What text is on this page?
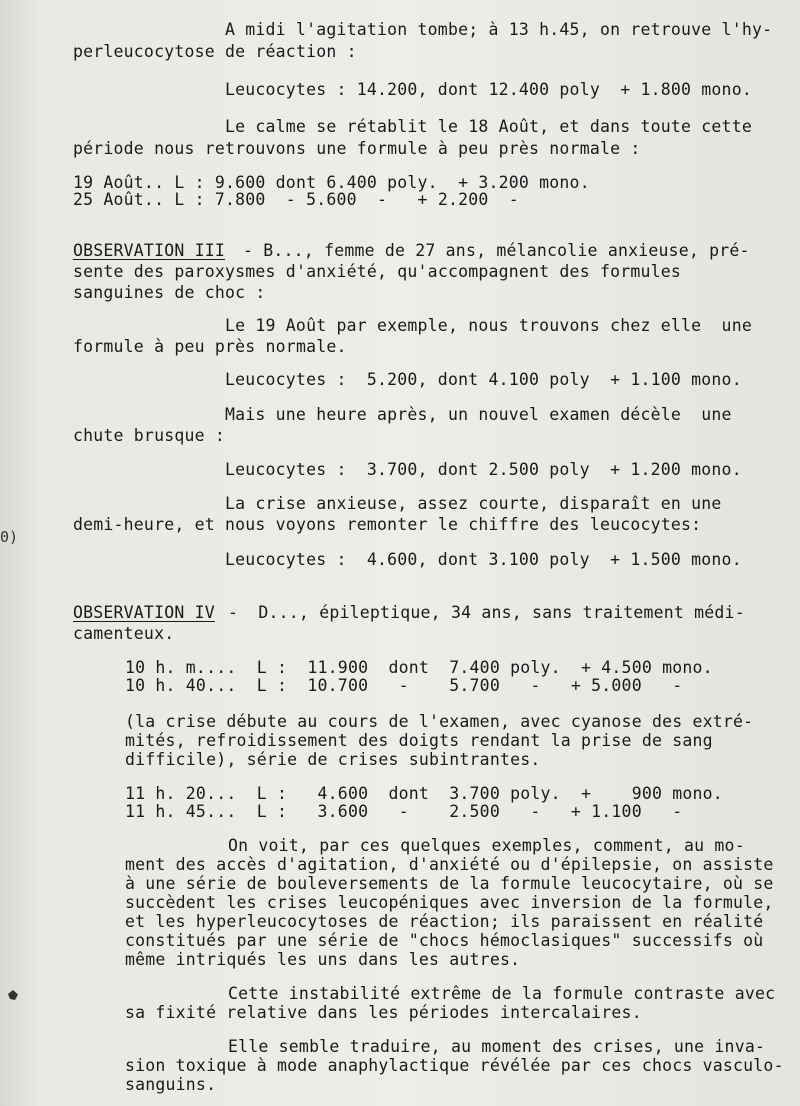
A midi l'agitation tombe; à 13 h.45, on retrouve l'hy-
perleucocytose de réaction :
Leucocytes : 14.200, dont 12.400 poly  + 1.800 mono.
Le calme se rétablit le 18 Août, et dans toute cette
période nous retrouvons une formule à peu près normale :
19 Août.. L : 9.600 dont 6.400 poly.  + 3.200 mono.
25 Août.. L : 7.800  - 5.600  -   + 2.200  -
OBSERVATION III - B..., femme de 27 ans, mélancolie anxieuse, pré-
sente des paroxysmes d'anxiété, qu'accompagnent des formules
sanguines de choc :
Le 19 Août par exemple, nous trouvons chez elle  une
formule à peu près normale.
Leucocytes :  5.200, dont 4.100 poly  + 1.100 mono.
Mais une heure après, un nouvel examen décèle  une
chute brusque :
Leucocytes :  3.700, dont 2.500 poly  + 1.200 mono.
La crise anxieuse, assez courte, disparaît en une
demi-heure, et nous voyons remonter le chiffre des leucocytes:
Leucocytes :  4.600, dont 3.100 poly  + 1.500 mono.
OBSERVATION IV -  D..., épileptique, 34 ans, sans traitement médi-
camenteux.
10 h. m....  L :  11.900  dont  7.400 poly.  + 4.500 mono.
10 h. 40...  L :  10.700   -    5.700   -   + 5.000   -
(la crise débute au cours de l'examen, avec cyanose des extré-
mités, refroidissement des doigts rendant la prise de sang
difficile), série de crises subintrantes.
11 h. 20...  L :   4.600  dont  3.700 poly.  +    900 mono.
11 h. 45...  L :   3.600   -    2.500   -   + 1.100   -
On voit, par ces quelques exemples, comment, au mo-
ment des accès d'agitation, d'anxiété ou d'épilepsie, on assiste
à une série de bouleversements de la formule leucocytaire, où se
succèdent les crises leucopéniques avec inversion de la formule,
et les hyperleucocytoses de réaction; ils paraissent en réalité
constitués par une série de "chocs hémoclasiques" successifs où
même intriqués les uns dans les autres.
Cette instabilité extrême de la formule contraste avec
sa fixité relative dans les périodes intercalaires.
Elle semble traduire, au moment des crises, une inva-
sion toxique à mode anaphylactique révélée par ces chocs vasculo-
sanguins.
0)
